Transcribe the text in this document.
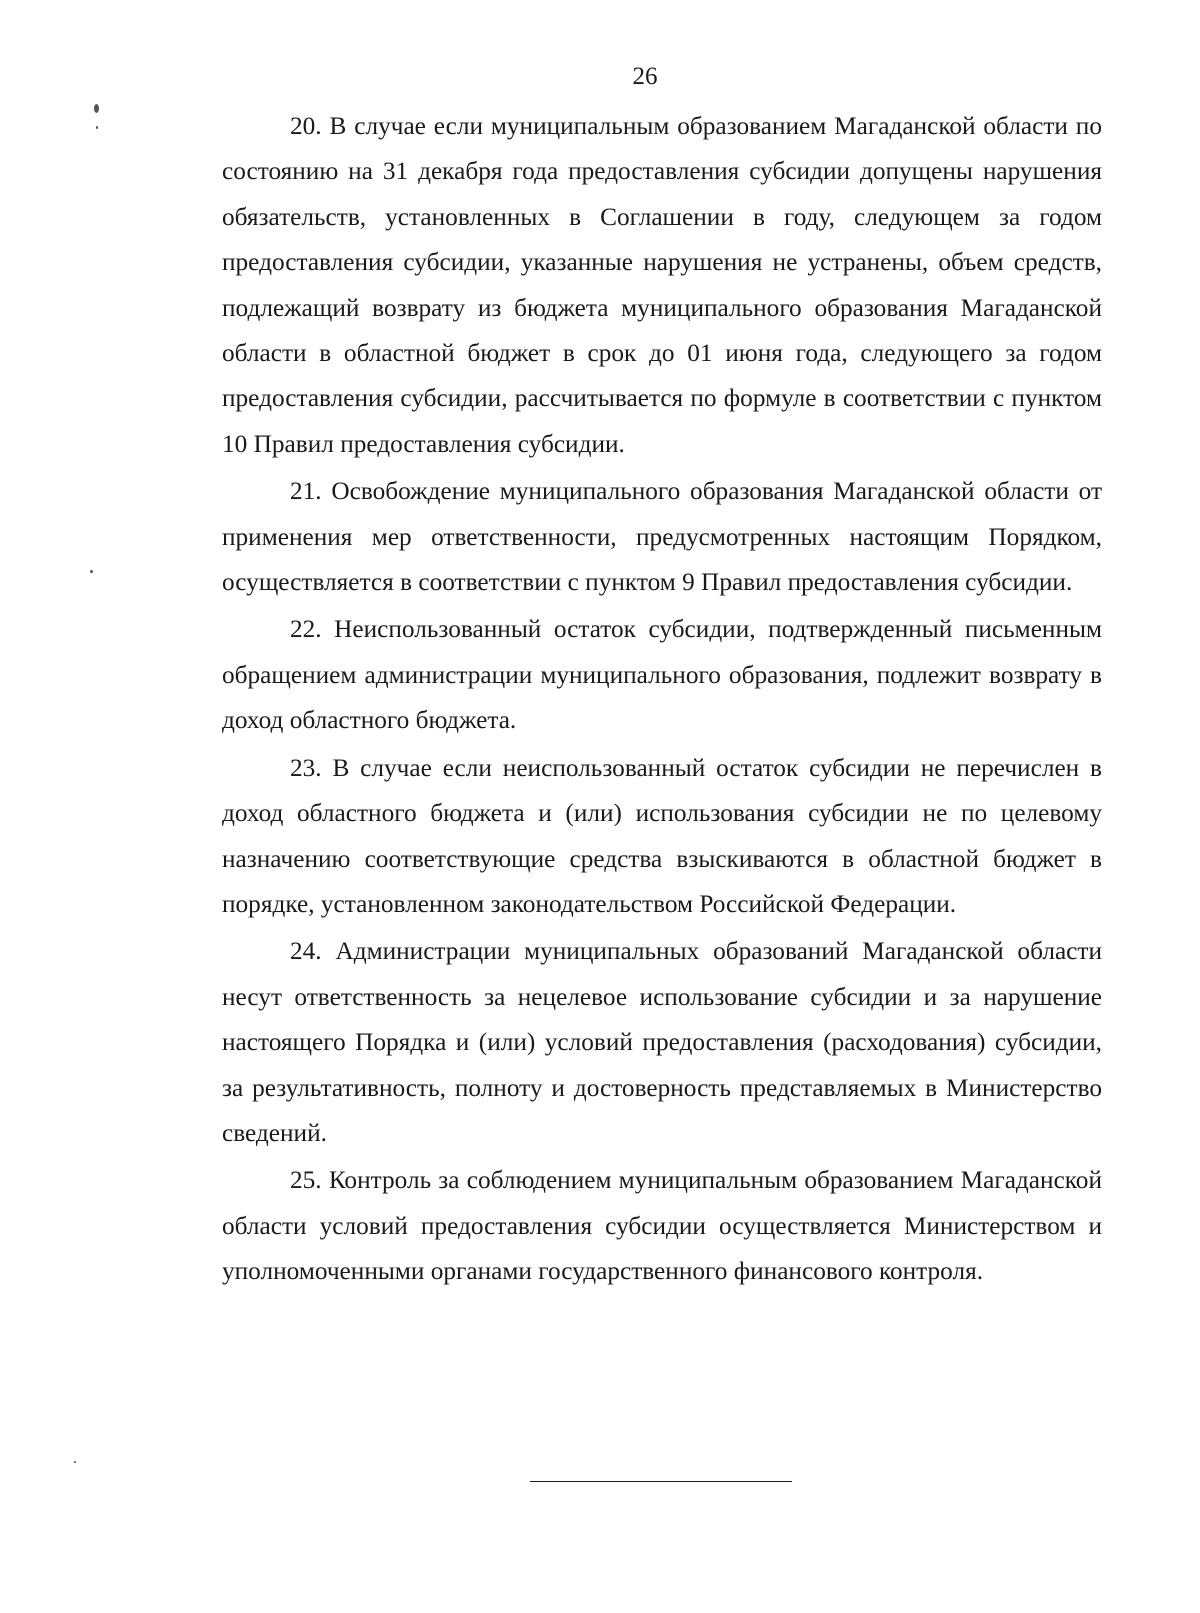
26

20. В случае если муниципальным образованием Магаданской области по состоянию на 31 декабря года предоставления субсидии допущены нарушения обязательств, установленных в Соглашении в году, следующем за годом предоставления субсидии, указанные нарушения не устранены, объем средств, подлежащий возврату из бюджета муниципального образования Магаданской области в областной бюджет в срок до 01 июня года, следующего за годом предоставления субсидии, рассчитывается по формуле в соответствии с пунктом 10 Правил предоставления субсидии.

21. Освобождение муниципального образования Магаданской области от применения мер ответственности, предусмотренных настоящим Порядком, осуществляется в соответствии с пунктом 9 Правил предоставления субсидии.

22. Неиспользованный остаток субсидии, подтвержденный письменным обращением администрации муниципального образования, подлежит возврату в доход областного бюджета.

23. В случае если неиспользованный остаток субсидии не перечислен в доход областного бюджета и (или) использования субсидии не по целевому назначению соответствующие средства взыскиваются в областной бюджет в порядке, установленном законодательством Российской Федерации.

24. Администрации муниципальных образований Магаданской области несут ответственность за нецелевое использование субсидии и за нарушение настоящего Порядка и (или) условий предоставления (расходования) субсидии, за результативность, полноту и достоверность представляемых в Министерство сведений.

25. Контроль за соблюдением муниципальным образованием Магаданской области условий предоставления субсидии осуществляется Министерством и уполномоченными органами государственного финансового контроля.
